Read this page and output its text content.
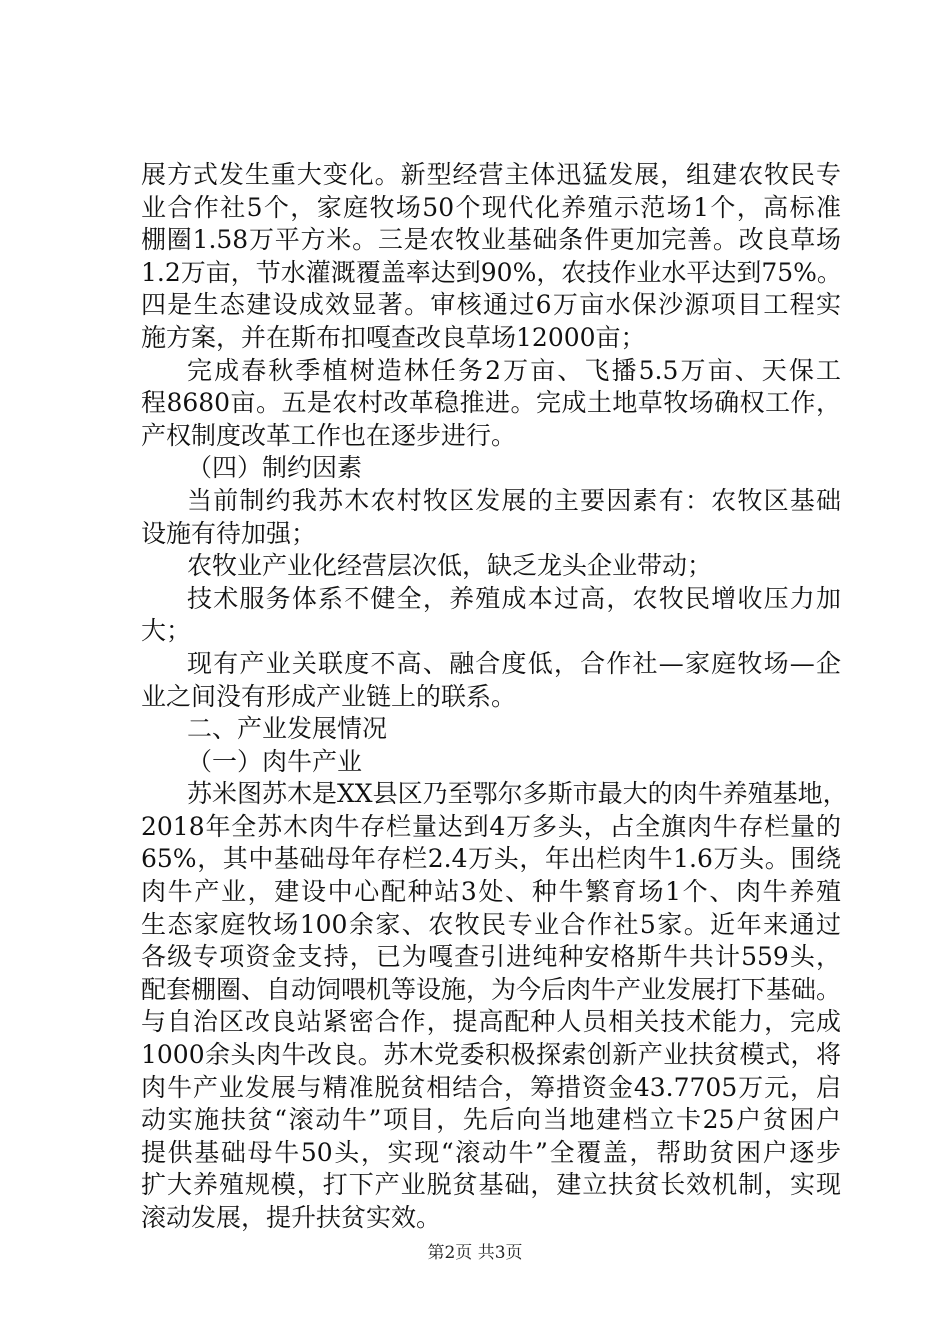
展方式发生重大变化。新型经营主体迅猛发展，组建农牧民专
业合作社5个，家庭牧场50个现代化养殖示范场1个，高标准
棚圈1.58万平方米。三是农牧业基础条件更加完善。改良草场
1.2万亩，节水灌溉覆盖率达到90%，农技作业水平达到75%。
四是生态建设成效显著。审核通过6万亩水保沙源项目工程实
施方案，并在斯布扣嘎查改良草场12000亩；
完成春秋季植树造林任务2万亩、飞播5.5万亩、天保工
程8680亩。五是农村改革稳推进。完成土地草牧场确权工作，
产权制度改革工作也在逐步进行。
（四）制约因素
当前制约我苏木农村牧区发展的主要因素有：农牧区基础
设施有待加强；
农牧业产业化经营层次低，缺乏龙头企业带动；
技术服务体系不健全，养殖成本过高，农牧民增收压力加
大；
现有产业关联度不高、融合度低，合作社—家庭牧场—企
业之间没有形成产业链上的联系。
二、产业发展情况
（一）肉牛产业
苏米图苏木是XX县区乃至鄂尔多斯市最大的肉牛养殖基地，
2018年全苏木肉牛存栏量达到4万多头，占全旗肉牛存栏量的
65%，其中基础母年存栏2.4万头，年出栏肉牛1.6万头。围绕
肉牛产业，建设中心配种站3处、种牛繁育场1个、肉牛养殖
生态家庭牧场100余家、农牧民专业合作社5家。近年来通过
各级专项资金支持，已为嘎查引进纯种安格斯牛共计559头，
配套棚圈、自动饲喂机等设施，为今后肉牛产业发展打下基础。
与自治区改良站紧密合作，提高配种人员相关技术能力，完成
1000余头肉牛改良。苏木党委积极探索创新产业扶贫模式，将
肉牛产业发展与精准脱贫相结合，筹措资金43.7705万元，启
动实施扶贫“滚动牛”项目，先后向当地建档立卡25户贫困户
提供基础母牛50头，实现“滚动牛”全覆盖，帮助贫困户逐步
扩大养殖规模，打下产业脱贫基础，建立扶贫长效机制，实现
滚动发展，提升扶贫实效。
第2页 共3页
